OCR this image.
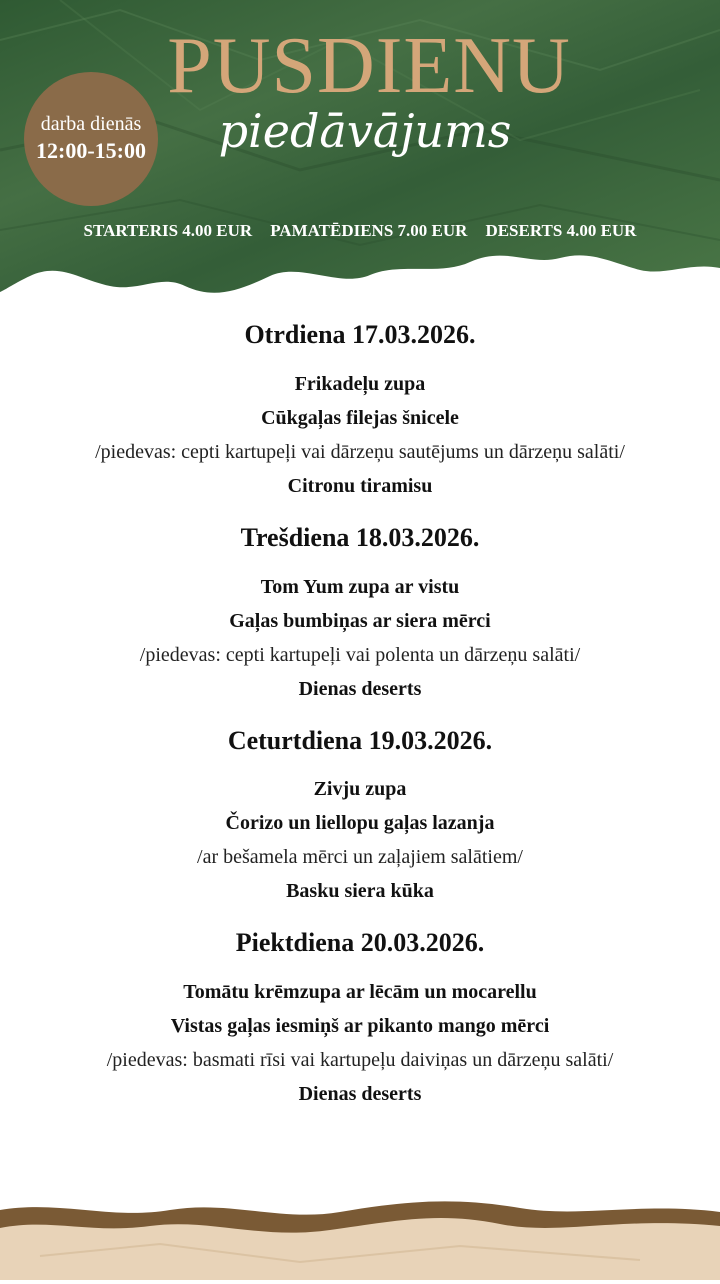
PUSDIENU
piedāvājums
darba dienās
12:00-15:00
STARTERIS 4.00 EUR PAMATĒDIENS 7.00 EUR DESERTS 4.00 EUR
Otrdiena 17.03.2026.

Frikadeļu zupa

Cūkgaļas filejas šnicele

/piedevas: cepti kartupeļi vai dārzeņu sautējums un dārzeņu salāti/

Citronu tiramisu

Trešdiena 18.03.2026.

Tom Yum zupa ar vistu

Gaļas bumbiņas ar siera mērci

/piedevas: cepti kartupeļi vai polenta un dārzeņu salāti/

Dienas deserts

Ceturtdiena 19.03.2026.

Zivju zupa

Čorizo un liellopu gaļas lazanja

/ar bešamela mērci un zaļajiem salātiem/

Basku siera kūka

Piektdiena 20.03.2026.

Tomātu krēmzupa ar lēcām un mocarellu

Vistas gaļas iesmiņš ar pikanto mango mērci

/piedevas: basmati rīsi vai kartupeļu daiviņas un dārzeņu salāti/

Dienas deserts
